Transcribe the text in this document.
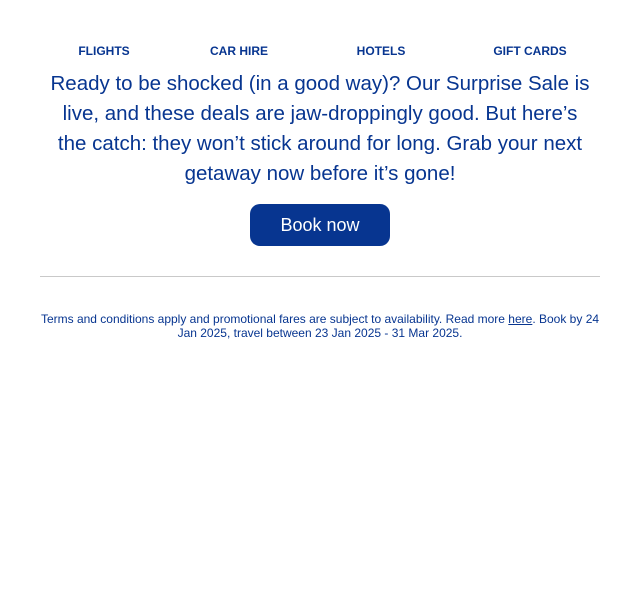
FLIGHTS	CAR HIRE	HOTELS	GIFT CARDS

Ready to be shocked (in a good way)? Our Surprise Sale is live, and these deals are jaw-droppingly good. But here’s the catch: they won’t stick around for long. Grab your next getaway now before it’s gone!

Book now

Terms and conditions apply and promotional fares are subject to availability. Read more here. Book by 24 Jan 2025, travel between 23 Jan 2025 - 31 Mar 2025.
